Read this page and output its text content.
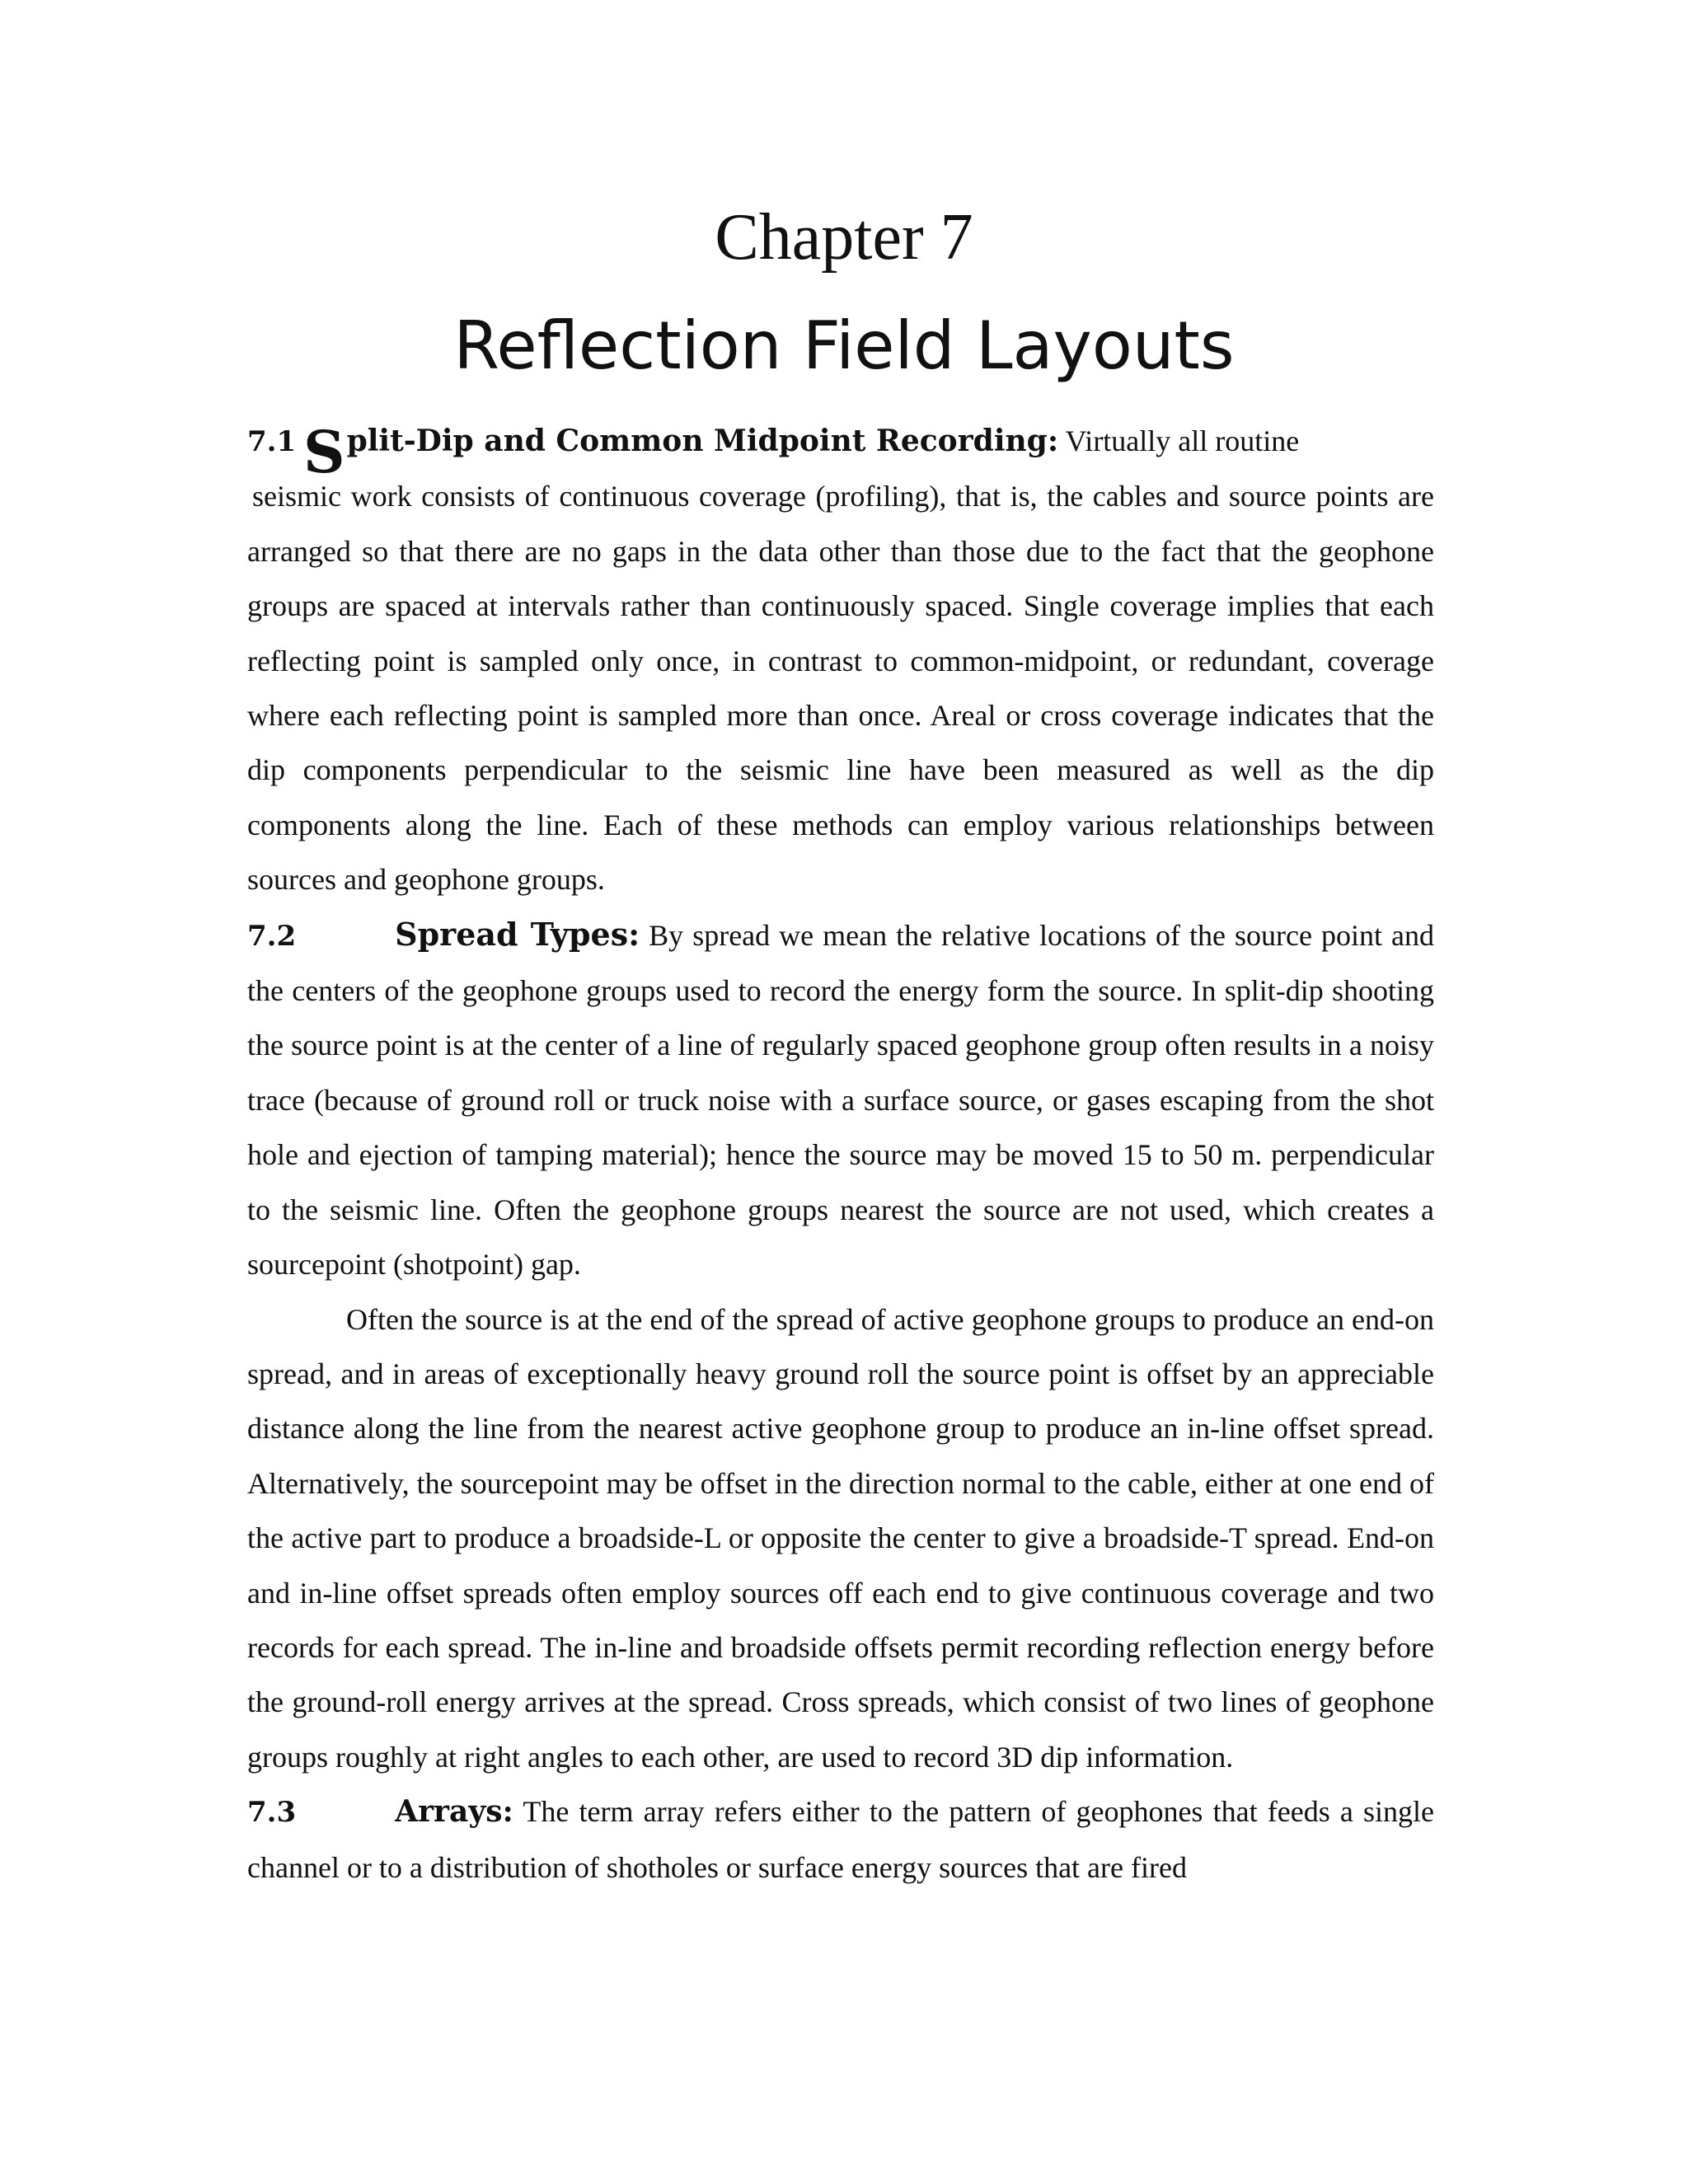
Chapter 7
Reflection Field Layouts

7.1 Split-Dip and Common Midpoint Recording: Virtually all routine
seismic work consists of continuous coverage (profiling), that is, the cables and source points are arranged so that there are no gaps in the data other than those due to the fact that the geophone groups are spaced at intervals rather than continuously spaced. Single coverage implies that each reflecting point is sampled only once, in contrast to common-midpoint, or redundant, coverage where each reflecting point is sampled more than once. Areal or cross coverage indicates that the dip components perpendicular to the seismic line have been measured as well as the dip components along the line. Each of these methods can employ various relationships between sources and geophone groups.

7.2	Spread Types: By spread we mean the relative locations of the source point and the centers of the geophone groups used to record the energy form the source. In split-dip shooting the source point is at the center of a line of regularly spaced geophone group often results in a noisy trace (because of ground roll or truck noise with a surface source, or gases escaping from the shot hole and ejection of tamping material); hence the source may be moved 15 to 50 m. perpendicular to the seismic line. Often the geophone groups nearest the source are not used, which creates a sourcepoint (shotpoint) gap.

Often the source is at the end of the spread of active geophone groups to produce an end-on spread, and in areas of exceptionally heavy ground roll the source point is offset by an appreciable distance along the line from the nearest active geophone group to produce an in-line offset spread. Alternatively, the sourcepoint may be offset in the direction normal to the cable, either at one end of the active part to produce a broadside-L or opposite the center to give a broadside-T spread. End-on and in-line offset spreads often employ sources off each end to give continuous coverage and two records for each spread. The in-line and broadside offsets permit recording reflection energy before the ground-roll energy arrives at the spread. Cross spreads, which consist of two lines of geophone groups roughly at right angles to each other, are used to record 3D dip information.

7.3	Arrays: The term array refers either to the pattern of geophones that feeds a single channel or to a distribution of shotholes or surface energy sources that are fired
